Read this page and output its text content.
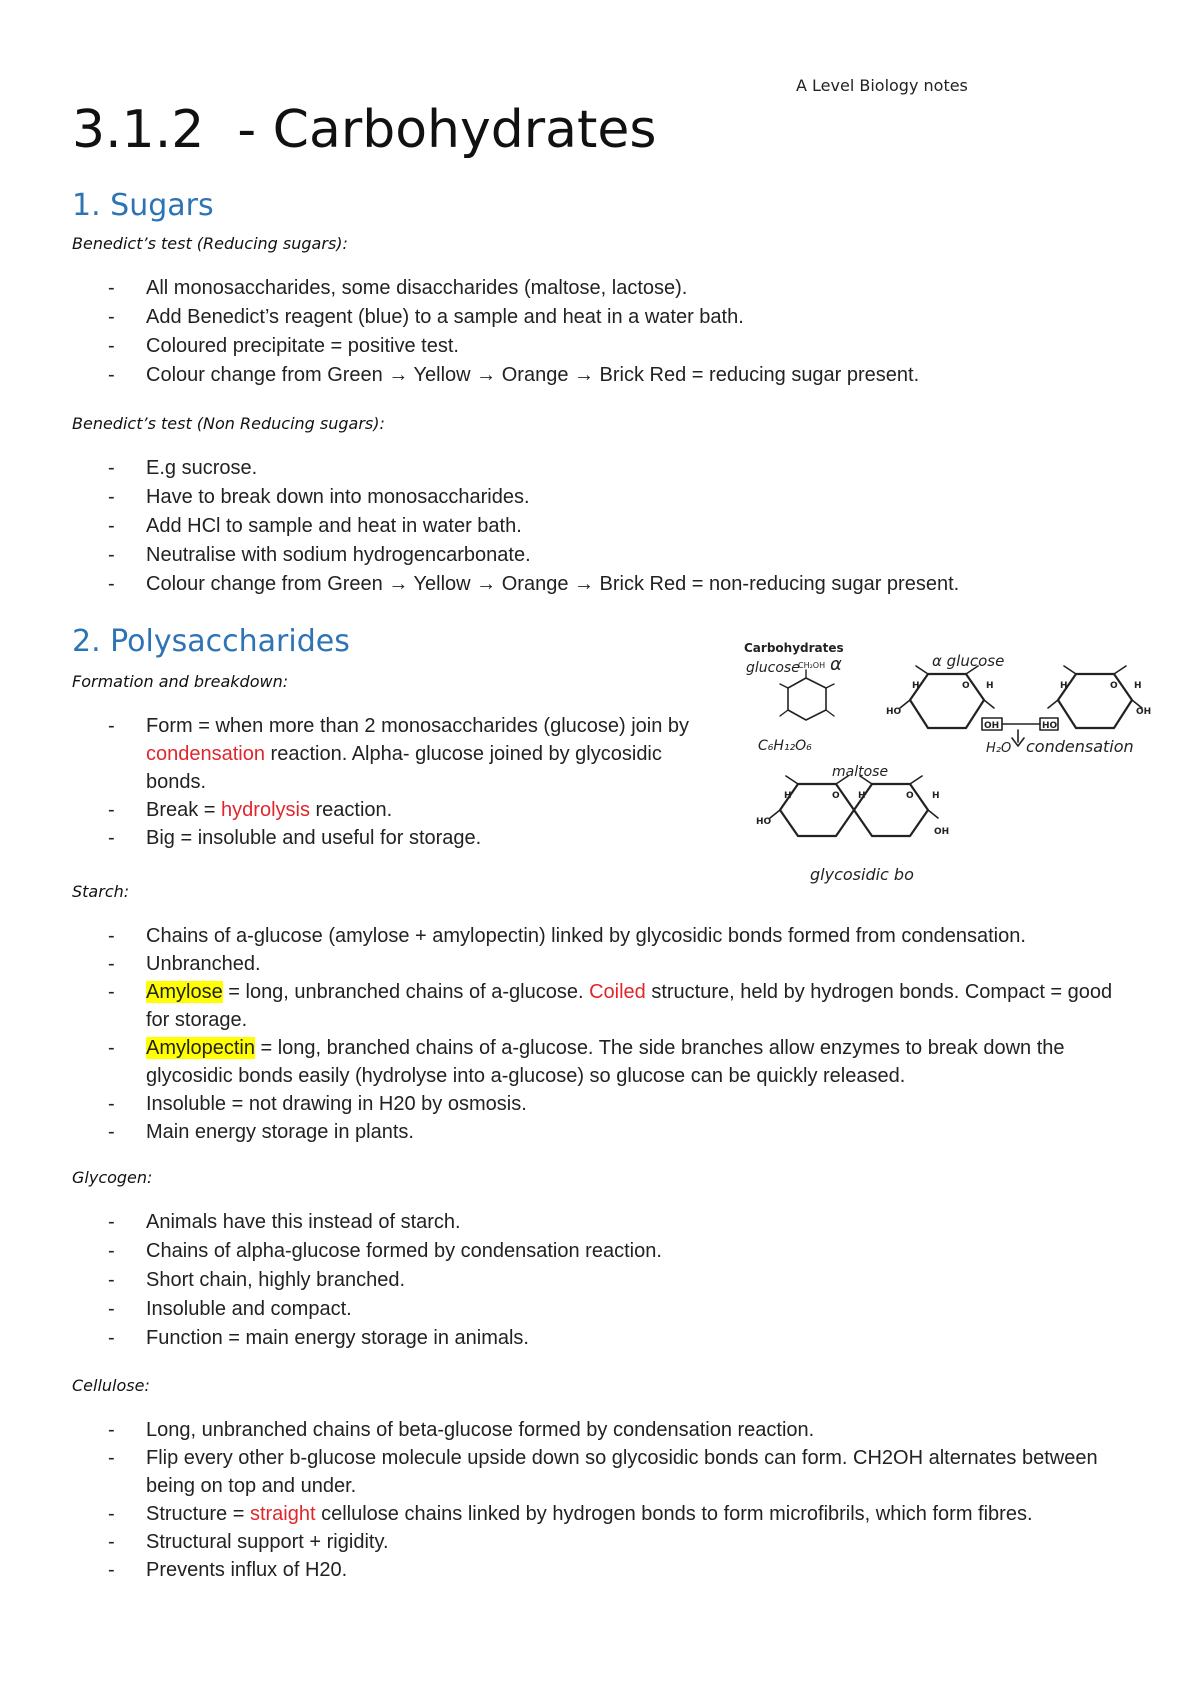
A Level Biology notes
3.1.2  - Carbohydrates
1. Sugars
Benedict’s test (Reducing sugars):
- All monosaccharides, some disaccharides (maltose, lactose).
- Add Benedict’s reagent (blue) to a sample and heat in a water bath.
- Coloured precipitate = positive test.
- Colour change from Green → Yellow → Orange → Brick Red = reducing sugar present.
Benedict’s test (Non Reducing sugars):
- E.g sucrose.
- Have to break down into monosaccharides.
- Add HCl to sample and heat in water bath.
- Neutralise with sodium hydrogencarbonate.
- Colour change from Green → Yellow → Orange → Brick Red = non-reducing sugar present.
2. Polysaccharides
Formation and breakdown:
- Form = when more than 2 monosaccharides (glucose) join by condensation reaction. Alpha- glucose joined by glycosidic bonds.
- Break = hydrolysis reaction.
- Big = insoluble and useful for storage.
Carbohydrates
glucose α
CH₂OH
C₆H₁₂O₆
α glucose
H₂O condensation
maltose
glycosidic bo
H	O H
HO
OH
H	O H
HO
OH
H	O H	O H
HO
OH
Starch:
- Chains of a-glucose (amylose + amylopectin) linked by glycosidic bonds formed from condensation.
- Unbranched.
- Amylose = long, unbranched chains of a-glucose. Coiled structure, held by hydrogen bonds. Compact = good for storage.
- Amylopectin = long, branched chains of a-glucose. The side branches allow enzymes to break down the glycosidic bonds easily (hydrolyse into a-glucose) so glucose can be quickly released.
- Insoluble = not drawing in H20 by osmosis.
- Main energy storage in plants.
Glycogen:
- Animals have this instead of starch.
- Chains of alpha-glucose formed by condensation reaction.
- Short chain, highly branched.
- Insoluble and compact.
- Function = main energy storage in animals.
Cellulose:
- Long, unbranched chains of beta-glucose formed by condensation reaction.
- Flip every other b-glucose molecule upside down so glycosidic bonds can form. CH2OH alternates between being on top and under.
- Structure = straight cellulose chains linked by hydrogen bonds to form microfibrils, which form fibres.
- Structural support + rigidity.
- Prevents influx of H20.
